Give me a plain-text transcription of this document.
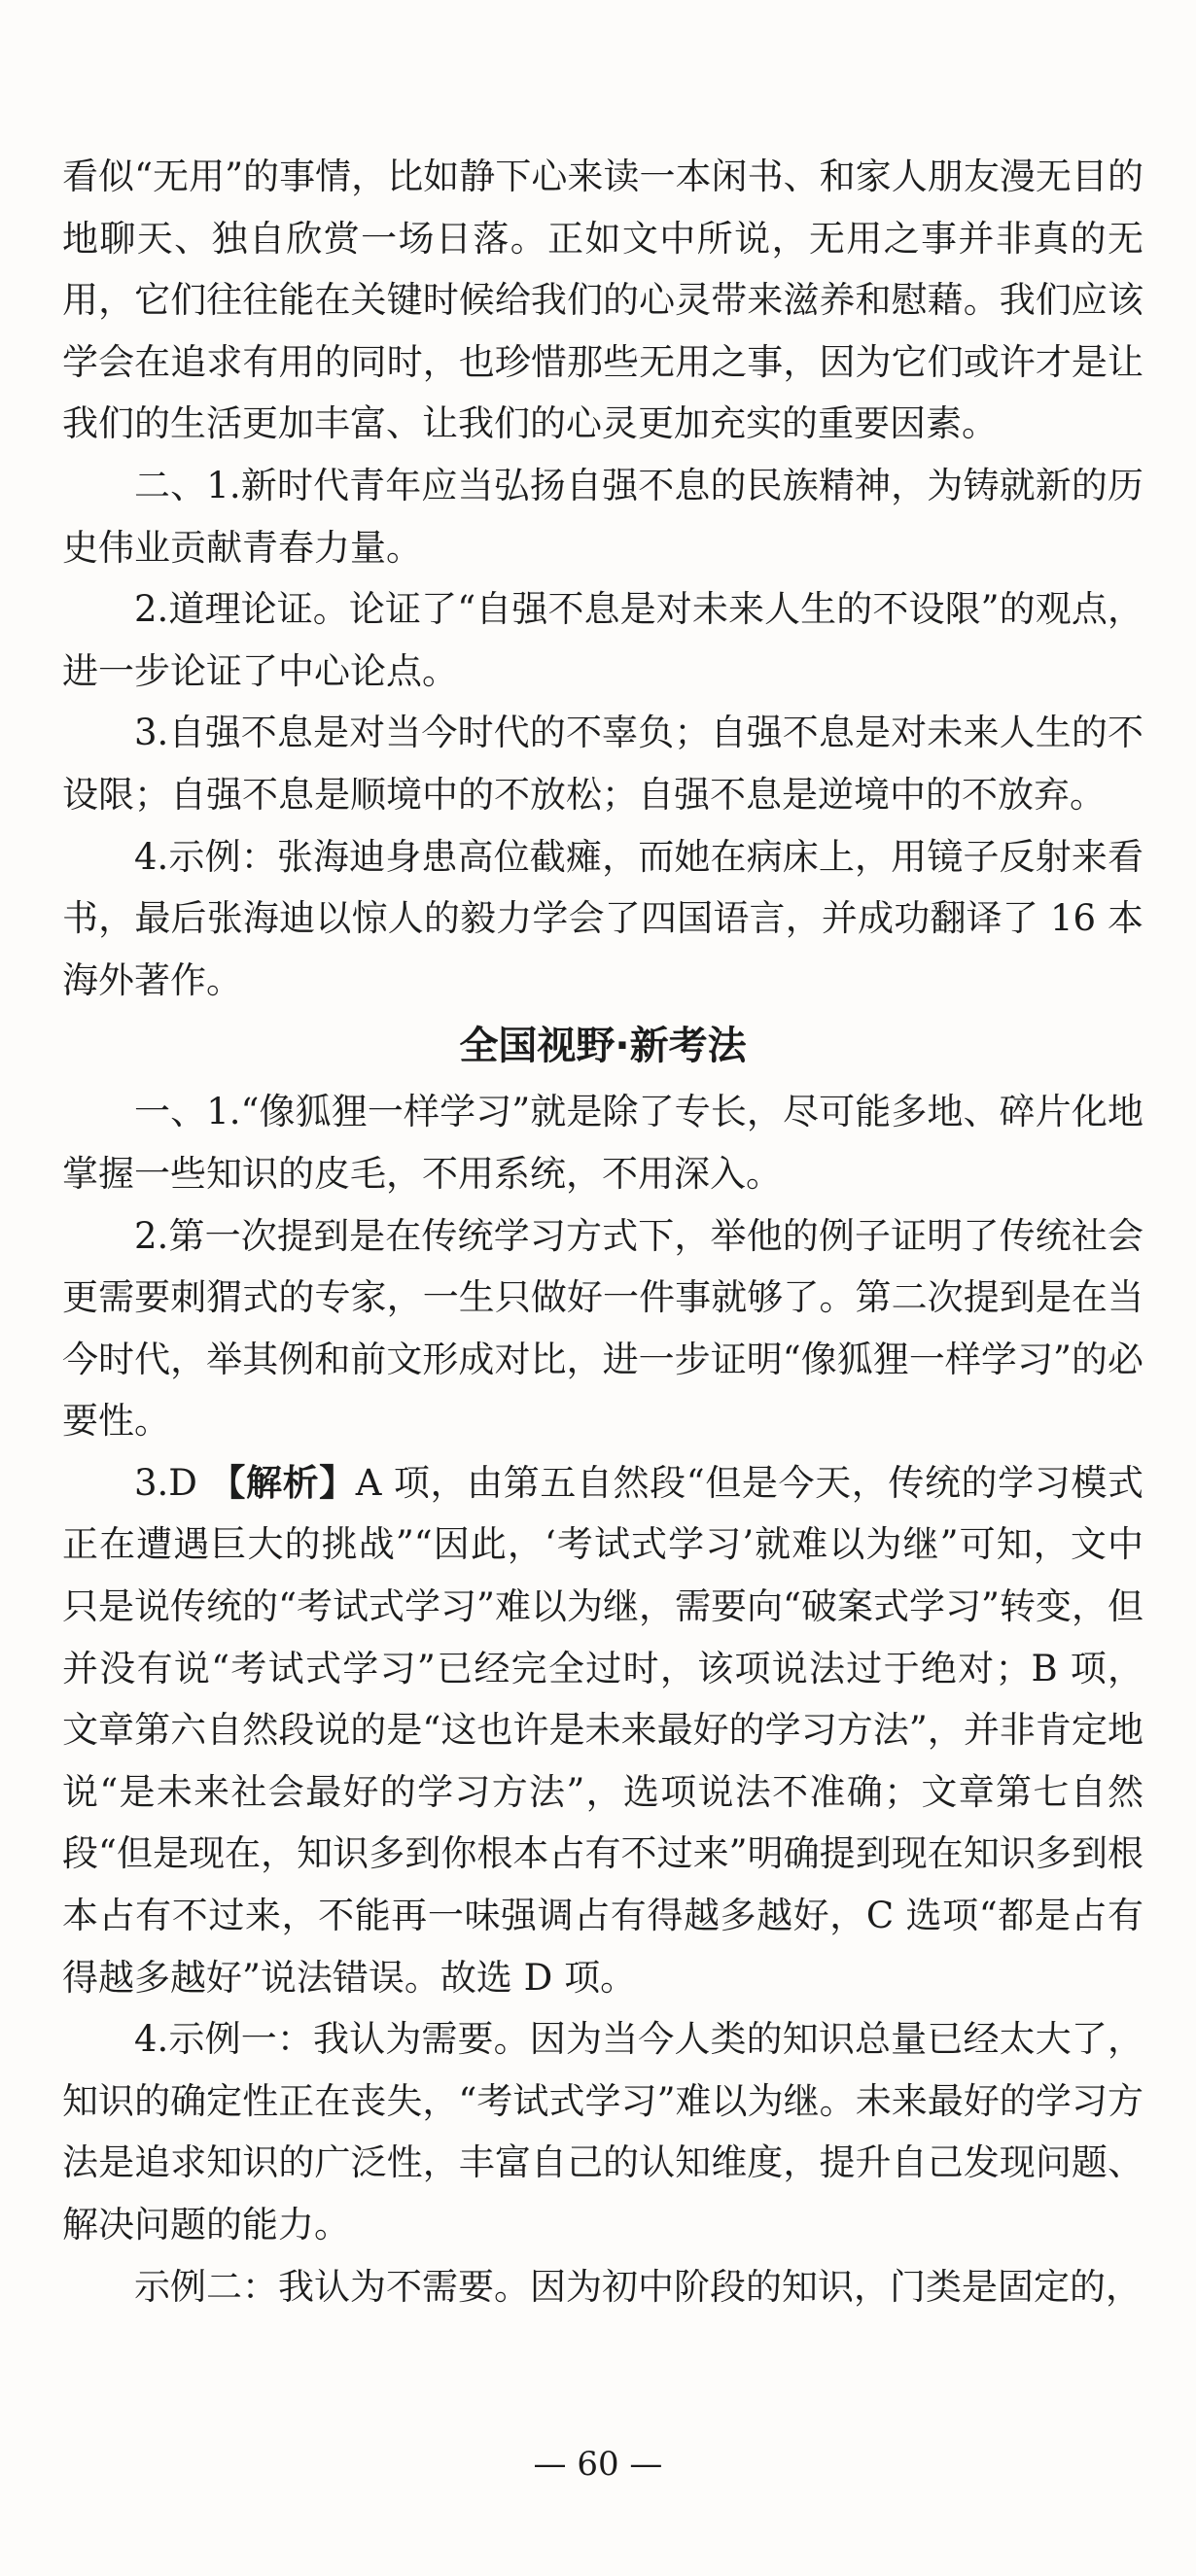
看似“无用”的事情，比如静下心来读一本闲书、和家人朋友漫无目的地聊天、独自欣赏一场日落。正如文中所说，无用之事并非真的无用，它们往往能在关键时候给我们的心灵带来滋养和慰藉。我们应该学会在追求有用的同时，也珍惜那些无用之事，因为它们或许才是让我们的生活更加丰富、让我们的心灵更加充实的重要因素。

二、1.新时代青年应当弘扬自强不息的民族精神，为铸就新的历史伟业贡献青春力量。

2.道理论证。论证了“自强不息是对未来人生的不设限”的观点，进一步论证了中心论点。

3.自强不息是对当今时代的不辜负；自强不息是对未来人生的不设限；自强不息是顺境中的不放松；自强不息是逆境中的不放弃。

4.示例：张海迪身患高位截瘫，而她在病床上，用镜子反射来看书，最后张海迪以惊人的毅力学会了四国语言，并成功翻译了 16 本海外著作。

全国视野·新考法

一、1.“像狐狸一样学习”就是除了专长，尽可能多地、碎片化地掌握一些知识的皮毛，不用系统，不用深入。

2.第一次提到是在传统学习方式下，举他的例子证明了传统社会更需要刺猬式的专家，一生只做好一件事就够了。第二次提到是在当今时代，举其例和前文形成对比，进一步证明“像狐狸一样学习”的必要性。

3.D 【解析】A 项，由第五自然段“但是今天，传统的学习模式正在遭遇巨大的挑战”“因此，‘考试式学习’就难以为继”可知，文中只是说传统的“考试式学习”难以为继，需要向“破案式学习”转变，但并没有说“考试式学习”已经完全过时，该项说法过于绝对；B 项，文章第六自然段说的是“这也许是未来最好的学习方法”，并非肯定地说“是未来社会最好的学习方法”，选项说法不准确；文章第七自然段“但是现在，知识多到你根本占有不过来”明确提到现在知识多到根本占有不过来，不能再一味强调占有得越多越好，C 选项“都是占有得越多越好”说法错误。故选 D 项。

4.示例一：我认为需要。因为当今人类的知识总量已经太大了，知识的确定性正在丧失，“考试式学习”难以为继。未来最好的学习方法是追求知识的广泛性，丰富自己的认知维度，提升自己发现问题、解决问题的能力。

示例二：我认为不需要。因为初中阶段的知识，门类是固定的，

— 60 —
